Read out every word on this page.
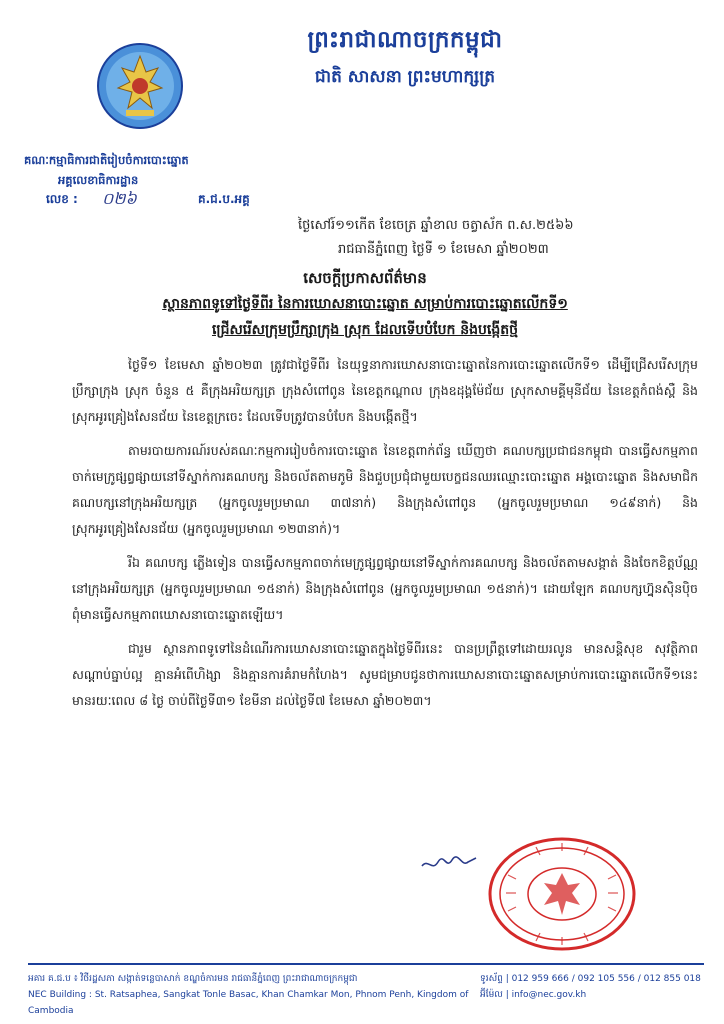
ព្រះរាជាណាចក្រកម្ពុជា
ជាតិ សាសនា ព្រះមហាក្សត្រ
គណៈកម្មាធិការជាតិរៀបចំការបោះឆ្នោត
អគ្គលេខាធិការដ្ឋាន
លេខ : ០២៦	គ.ជ.ប.អគ្គ
ថ្ងៃសៅរ៍១១កើត ខែចេត្រ ឆ្នាំខាល ចត្វាស័ក ព.ស.២៥៦៦
រាជធានីភ្នំពេញ ថ្ងៃទី ១ ខែមេសា ឆ្នាំ២០២៣
សេចក្តីប្រកាសព័ត៌មាន
ស្ថានភាពទូទៅថ្ងៃទីពីរ នៃការឃោសនាបោះឆ្នោត សម្រាប់ការបោះឆ្នោតលើកទី១
ជ្រើសរើសក្រុមប្រឹក្សាក្រុង ស្រុក ដែលទើបបំបែក និងបង្កើតថ្មី

ថ្ងៃទី១ ខែមេសា ឆ្នាំ២០២៣ ត្រូវជាថ្ងៃទីពីរ នៃយុទ្ធនាការឃោសនាបោះឆ្នោតនៃការបោះឆ្នោតលើកទី១ ដើម្បីជ្រើសរើសក្រុមប្រឹក្សាក្រុង ស្រុក ចំនួន ៥ គឺក្រុងអរិយក្សត្រ ក្រុងសំពៅពូន នៃខេត្តកណ្តាល ក្រុងឧដុង្គម៉ែជ័យ ស្រុកសាមគ្គីមុនីជ័យ នៃខេត្តកំពង់ស្ពឺ និងស្រុកអូរគ្រៀងសែនជ័យ នៃខេត្តក្រចេះ ដែលទើបត្រូវបានបំបែក និងបង្កើតថ្មី។

តាមរបាយការណ៍របស់គណៈកម្មការរៀបចំការបោះឆ្នោត នៃខេត្តពាក់ព័ន្ធ ឃើញថា គណបក្សប្រជាជនកម្ពុជា បានធ្វើសកម្មភាពចាក់មេក្រូផ្សព្វផ្សាយនៅទីស្នាក់ការគណបក្ស និងចល័តតាមភូមិ និងជួបប្រជុំជាមួយបេក្ខជនឈរឈ្មោះបោះឆ្នោត អង្គបោះឆ្នោត និងសមាជិកគណបក្សនៅក្រុងអរិយក្សត្រ (អ្នកចូលរួមប្រមាណ ៣៧នាក់) និងក្រុងសំពៅពូន (អ្នកចូលរួមប្រមាណ ១៤៩នាក់) និងស្រុកអូរគ្រៀងសែនជ័យ (អ្នកចូលរួមប្រមាណ ១២៣នាក់)។

រីឯ គណបក្ស ភ្លើងទៀន បានធ្វើសកម្មភាពចាក់មេក្រូផ្សព្វផ្សាយនៅទីស្នាក់ការគណបក្ស និងចល័តតាមសង្កាត់ និងចែកខិត្តប័ណ្ណនៅក្រុងអរិយក្សត្រ (អ្នកចូលរួមប្រមាណ ១៥នាក់) និងក្រុងសំពៅពូន (អ្នកចូលរួមប្រមាណ ១៥នាក់)។ ដោយឡែក គណបក្សហ្វ៊ុនស៊ិនប៉ិច ពុំមានធ្វើសកម្មភាពឃោសនាបោះឆ្នោតឡើយ។

ជារួម ស្ថានភាពទូទៅនៃដំណើរការឃោសនាបោះឆ្នោតក្នុងថ្ងៃទីពីរនេះ បានប្រព្រឹត្តទៅដោយរលូន មានសន្តិសុខ សុវត្ថិភាព សណ្តាប់ធ្នាប់ល្អ គ្មានអំពើហិង្សា និងគ្មានការគំរាមកំហែង។ សូមជម្រាបជូនថាការឃោសនាបោះឆ្នោតសម្រាប់ការបោះឆ្នោតលើកទី១នេះ មានរយៈពេល ៨ ថ្ងៃ ចាប់ពីថ្ងៃទី៣១ ខែមីនា ដល់ថ្ងៃទី៧ ខែមេសា ឆ្នាំ២០២៣។

អគារ គ.ជ.ប ៖ វិថីរដ្ឋសភា សង្កាត់ទន្លេបាសាក់ ខណ្ឌចំការមន រាជធានីភ្នំពេញ ព្រះរាជាណាចក្រកម្ពុជា
NEC Building : St. Ratsaphea, Sangkat Tonle Basac, Khan Chamkar Mon, Phnom Penh, Kingdom of Cambodia
ទូរស័ព្ទ | 012 959 666 / 092 105 556 / 012 855 018
អ៊ីម៉ែល | info@nec.gov.kh
